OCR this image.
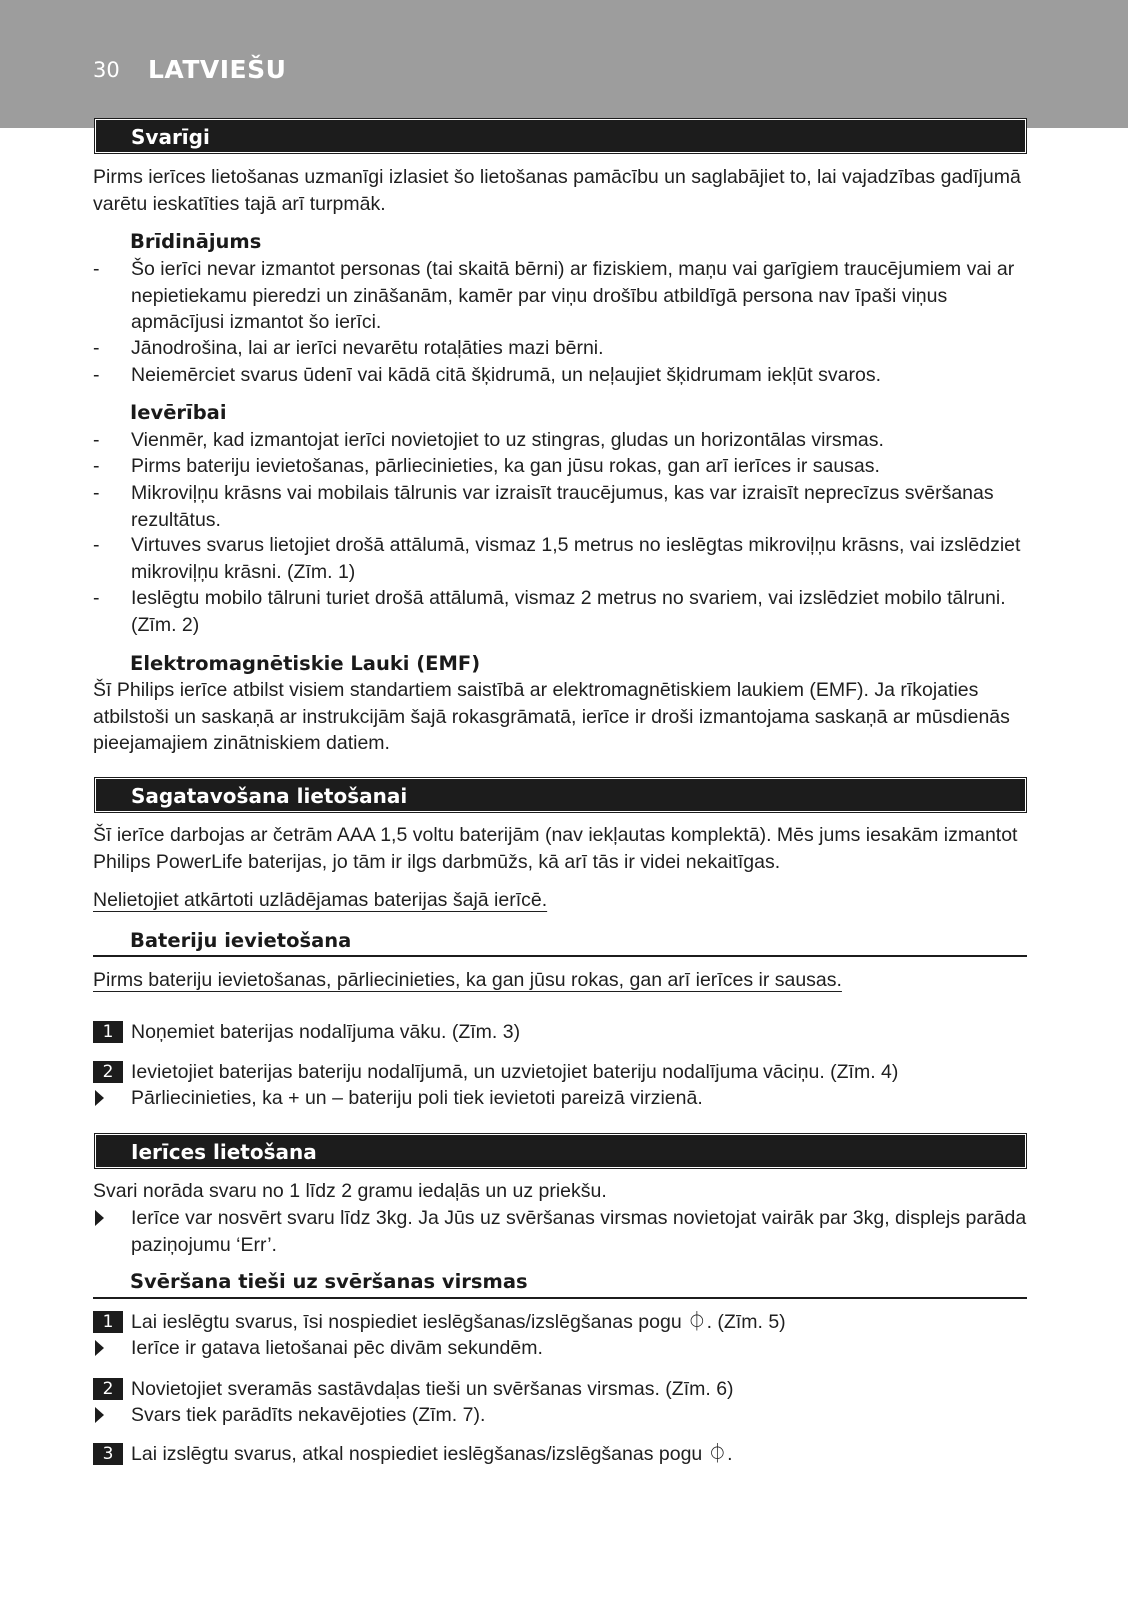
30 LATVIEŠU
Svarīgi
Pirms ierīces lietošanas uzmanīgi izlasiet šo lietošanas pamācību un saglabājiet to, lai vajadzības gadījumā varētu ieskatīties tajā arī turpmāk.
Brīdinājums
- Šo ierīci nevar izmantot personas (tai skaitā bērni) ar fiziskiem, maņu vai garīgiem traucējumiem vai ar nepietiekamu pieredzi un zināšanām, kamēr par viņu drošību atbildīgā persona nav īpaši viņus apmācījusi izmantot šo ierīci.
- Jānodrošina, lai ar ierīci nevarētu rotaļāties mazi bērni.
- Neiemērciet svarus ūdenī vai kādā citā šķidrumā, un neļaujiet šķidrumam iekļūt svaros.
Ievērībai
- Vienmēr, kad izmantojat ierīci novietojiet to uz stingras, gludas un horizontālas virsmas.
- Pirms bateriju ievietošanas, pārliecinieties, ka gan jūsu rokas, gan arī ierīces ir sausas.
- Mikroviļņu krāsns vai mobilais tālrunis var izraisīt traucējumus, kas var izraisīt neprecīzus svēršanas rezultātus.
- Virtuves svarus lietojiet drošā attālumā, vismaz 1,5 metrus no ieslēgtas mikroviļņu krāsns, vai izslēdziet mikroviļņu krāsni. (Zīm. 1)
- Ieslēgtu mobilo tālruni turiet drošā attālumā, vismaz 2 metrus no svariem, vai izslēdziet mobilo tālruni. (Zīm. 2)
Elektromagnētiskie Lauki (EMF)
Šī Philips ierīce atbilst visiem standartiem saistībā ar elektromagnētiskiem laukiem (EMF). Ja rīkojaties atbilstoši un saskaņā ar instrukcijām šajā rokasgrāmatā, ierīce ir droši izmantojama saskaņā ar mūsdienās pieejamajiem zinātniskiem datiem.
Sagatavošana lietošanai
Šī ierīce darbojas ar četrām AAA 1,5 voltu baterijām (nav iekļautas komplektā). Mēs jums iesakām izmantot Philips PowerLife baterijas, jo tām ir ilgs darbmūžs, kā arī tās ir videi nekaitīgas.
Nelietojiet atkārtoti uzlādējamas baterijas šajā ierīcē.
Bateriju ievietošana
Pirms bateriju ievietošanas, pārliecinieties, ka gan jūsu rokas, gan arī ierīces ir sausas.
1 Noņemiet baterijas nodalījuma vāku. (Zīm. 3)
2 Ievietojiet baterijas bateriju nodalījumā, un uzvietojiet bateriju nodalījuma vāciņu. (Zīm. 4)
Pārliecinieties, ka + un – bateriju poli tiek ievietoti pareizā virzienā.
Ierīces lietošana
Svari norāda svaru no 1 līdz 2 gramu iedaļās un uz priekšu.
Ierīce var nosvērt svaru līdz 3kg. Ja Jūs uz svēršanas virsmas novietojat vairāk par 3kg, displejs parāda paziņojumu ‘Err’.
Svēršana tieši uz svēršanas virsmas
1 Lai ieslēgtu svarus, īsi nospiediet ieslēgšanas/izslēgšanas pogu ⏀. (Zīm. 5)
Ierīce ir gatava lietošanai pēc divām sekundēm.
2 Novietojiet sveramās sastāvdaļas tieši un svēršanas virsmas. (Zīm. 6)
Svars tiek parādīts nekavējoties (Zīm. 7).
3 Lai izslēgtu svarus, atkal nospiediet ieslēgšanas/izslēgšanas pogu ⏀.
